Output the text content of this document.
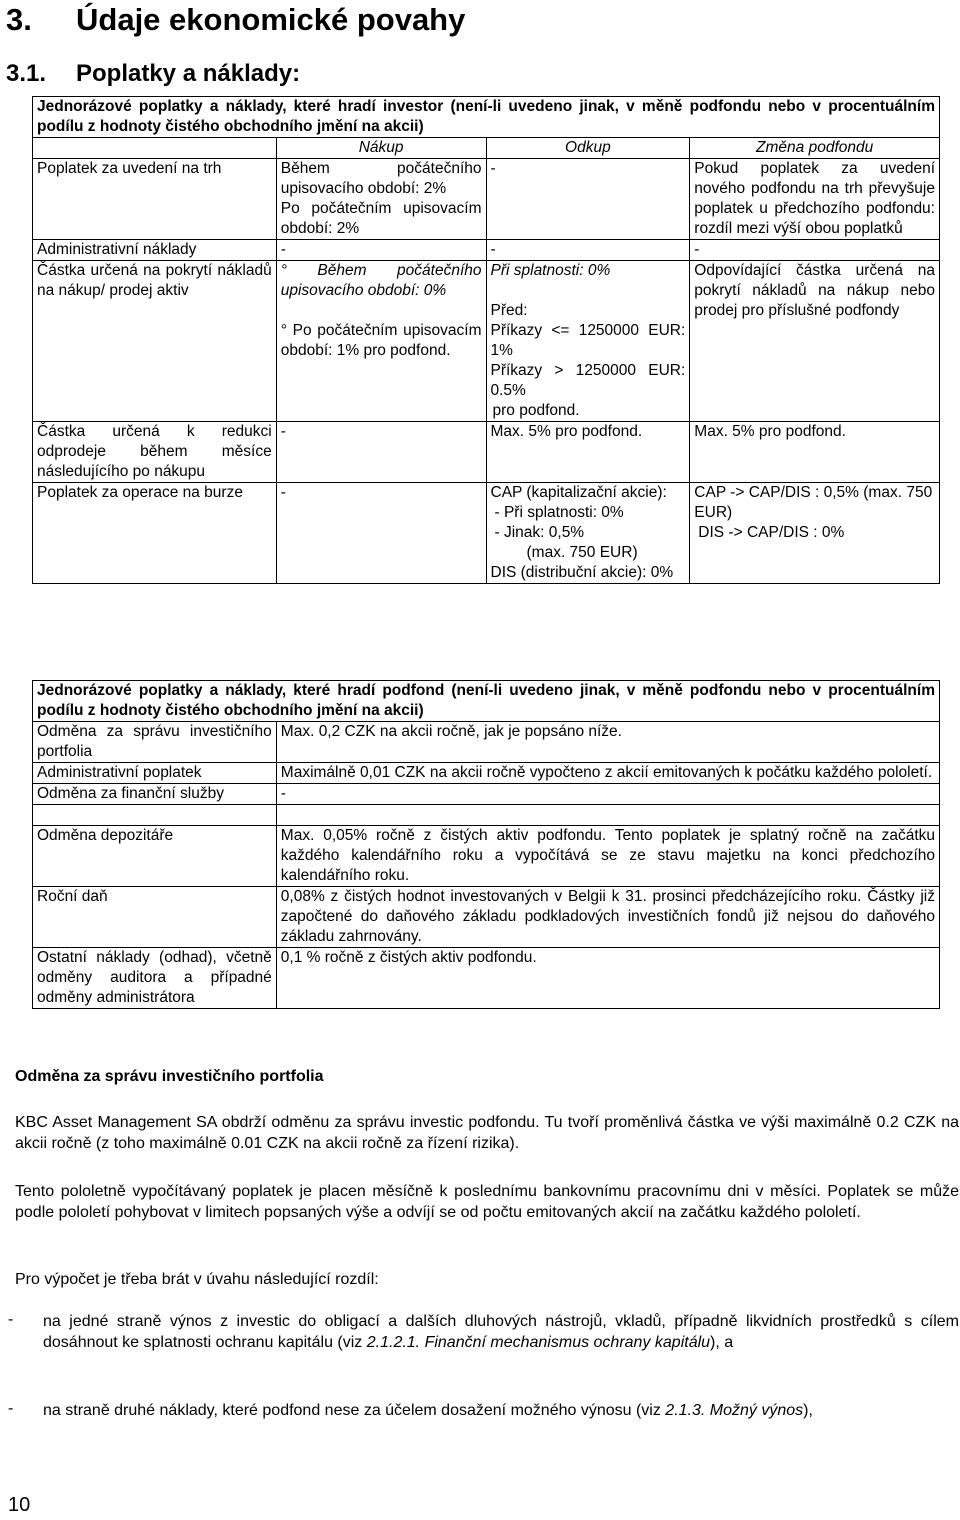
3. Údaje ekonomické povahy
3.1. Poplatky a náklady:
Jednorázové poplatky a náklady, které hradí investor (není-li uvedeno jinak, v měně podfondu nebo v procentuálním podílu z hodnoty čistého obchodního jmění na akcii)			
	Nákup	Odkup	Změna podfondu
Poplatek za uvedení na trh	Během počátečního upisovacího období: 2%
Po počátečním upisovacím období: 2%	-	Pokud poplatek za uvedení nového podfondu na trh převyšuje poplatek u předchozího podfondu: rozdíl mezi výší obou poplatků
Administrativní náklady	-	-	-
Částka určená na pokrytí nákladů na nákup/ prodej aktiv	° Během počátečního upisovacího období: 0%
° Po počátečním upisovacím období: 1% pro podfond.	Při splatnosti: 0%
Před:
Příkazy <= 1250000 EUR: 1%
Příkazy > 1250000 EUR: 0.5%
pro podfond.	Odpovídající částka určená na pokrytí nákladů na nákup nebo prodej pro příslušné podfondy
Částka určená k redukci odprodeje během měsíce následujícího po nákupu	-	Max. 5% pro podfond.	Max. 5% pro podfond.
Poplatek za operace na burze	-	CAP (kapitalizační akcie):
- Při splatnosti: 0%
- Jinak: 0,5%
(max. 750 EUR)
DIS (distribuční akcie): 0%	CAP -> CAP/DIS : 0,5% (max. 750 EUR)
DIS -> CAP/DIS : 0%
Jednorázové poplatky a náklady, které hradí podfond (není-li uvedeno jinak, v měně podfondu nebo v procentuálním podílu z hodnoty čistého obchodního jmění na akcii)	
Odměna za správu investičního portfolia	Max. 0,2 CZK na akcii ročně, jak je popsáno níže.
Administrativní poplatek	Maximálně 0,01 CZK na akcii ročně vypočteno z akcií emitovaných k počátku každého pololetí.
Odměna za finanční služby	-

Odměna depozitáře	Max. 0,05% ročně z čistých aktiv podfondu. Tento poplatek je splatný ročně na začátku každého kalendářního roku a vypočítává se ze stavu majetku na konci předchozího kalendářního roku.
Roční daň	0,08% z čistých hodnot investovaných v Belgii k 31. prosinci předcházejícího roku. Částky již započtené do daňového základu podkladových investičních fondů již nejsou do daňového základu zahrnovány.
Ostatní náklady (odhad), včetně odměny auditora a případné odměny administrátora	0,1 % ročně z čistých aktiv podfondu.
Odměna za správu investičního portfolia
KBC Asset Management SA obdrží odměnu za správu investic podfondu. Tu tvoří proměnlivá částka ve výši maximálně 0.2 CZK na akcii ročně (z toho maximálně 0.01 CZK na akcii ročně za řízení rizika).
Tento pololetně vypočítávaný poplatek je placen měsíčně k poslednímu bankovnímu pracovnímu dni v měsíci. Poplatek se může podle pololetí pohybovat v limitech popsaných výše a odvíjí se od počtu emitovaných akcií na začátku každého pololetí.
Pro výpočet je třeba brát v úvahu následující rozdíl:
- na jedné straně výnos z investic do obligací a dalších dluhových nástrojů, vkladů, případně likvidních prostředků s cílem dosáhnout ke splatnosti ochranu kapitálu (viz 2.1.2.1. Finanční mechanismus ochrany kapitálu), a
- na straně druhé náklady, které podfond nese za účelem dosažení možného výnosu (viz 2.1.3. Možný výnos),
10
